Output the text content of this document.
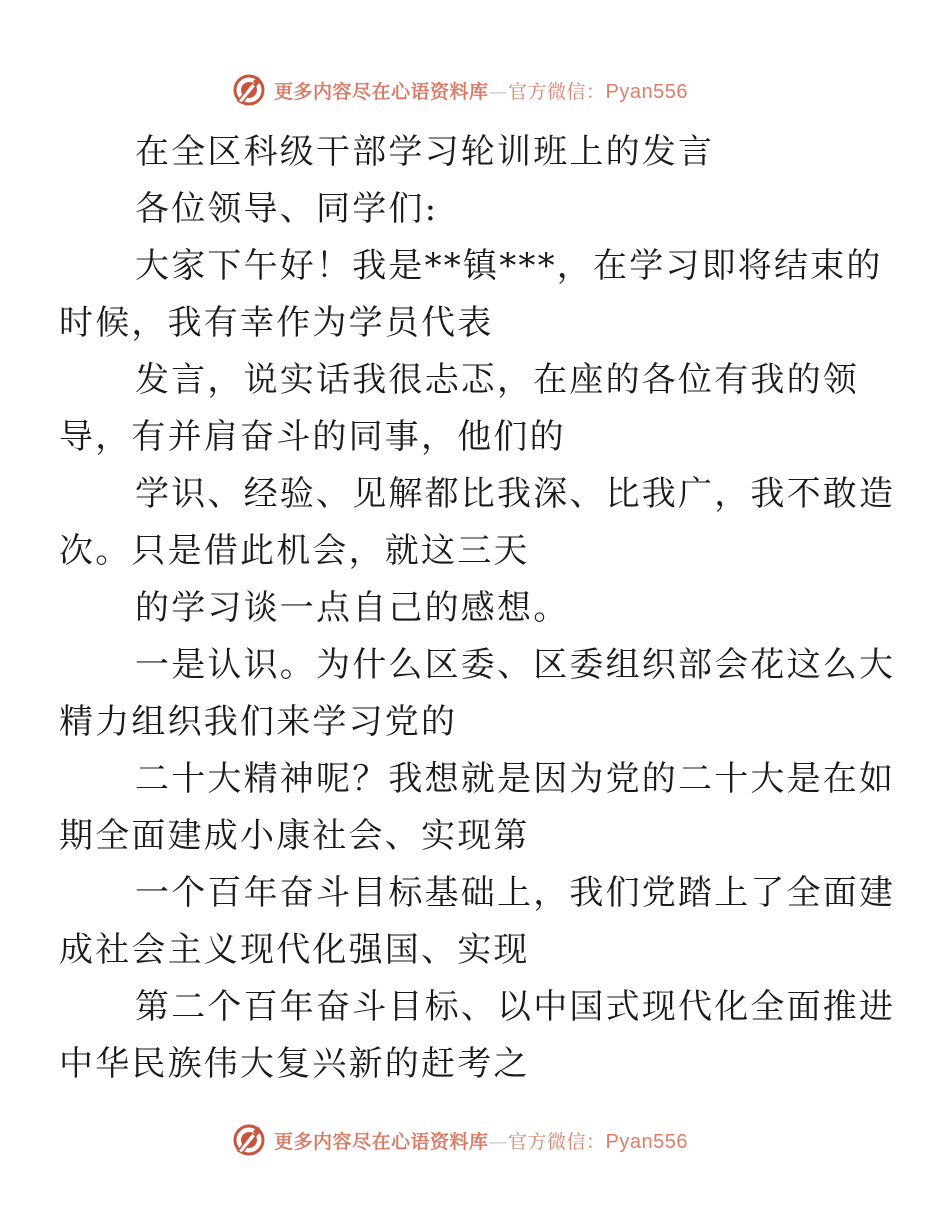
更多内容尽在心语资料库—官方微信：Pyan556

在全区科级干部学习轮训班上的发言

各位领导、同学们:

大家下午好！我是**镇***，在学习即将结束的
时候，我有幸作为学员代表

发言，说实话我很忐忑，在座的各位有我的领
导，有并肩奋斗的同事，他们的

学识、经验、见解都比我深、比我广，我不敢造
次。只是借此机会，就这三天

的学习谈一点自己的感想。

一是认识。为什么区委、区委组织部会花这么大
精力组织我们来学习党的

二十大精神呢？我想就是因为党的二十大是在如
期全面建成小康社会、实现第

一个百年奋斗目标基础上，我们党踏上了全面建
成社会主义现代化强国、实现

第二个百年奋斗目标、以中国式现代化全面推进
中华民族伟大复兴新的赶考之

更多内容尽在心语资料库—官方微信：Pyan556
